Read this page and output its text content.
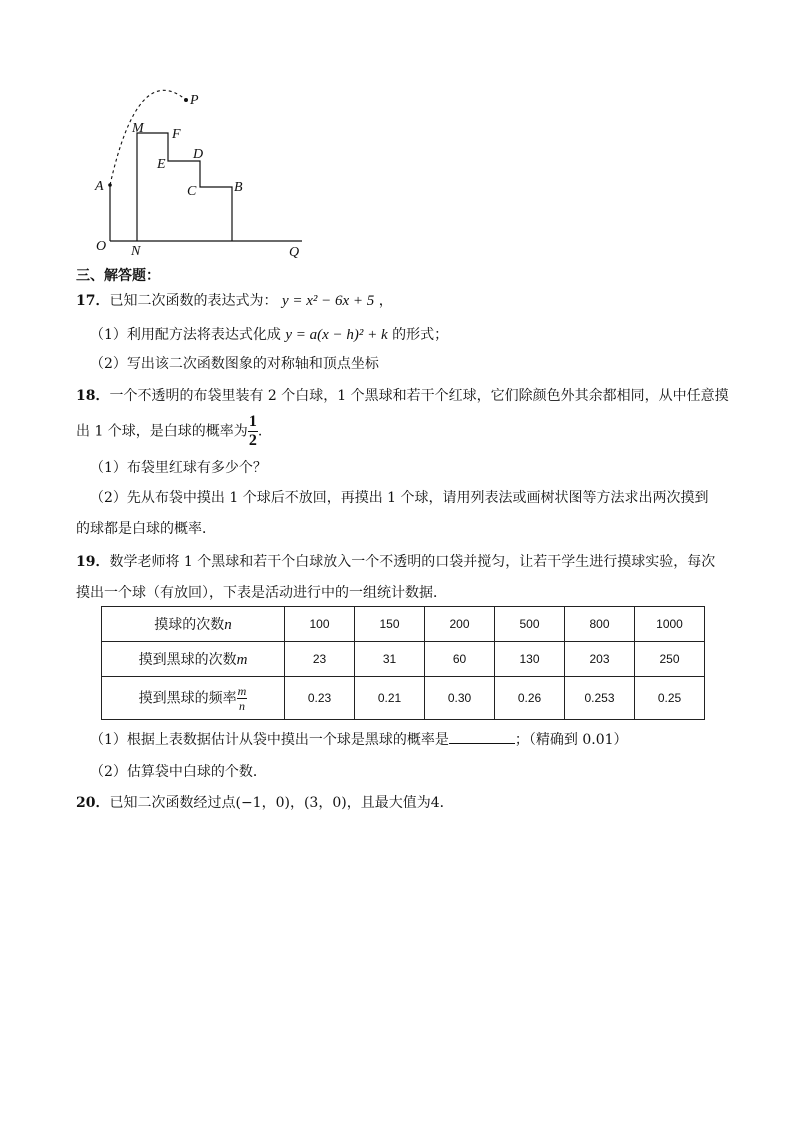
P
M F
D
E
C	B
A
O N	Q
三、解答题：
17．已知二次函数的表达式为： y = x² − 6x + 5 ，
（1）利用配方法将表达式化成 y = a(x − h)² + k 的形式；
（2）写出该二次函数图象的对称轴和顶点坐标
18．一个不透明的布袋里装有 2 个白球，1 个黑球和若干个红球，它们除颜色外其余都相同，从中任意摸
出 1 个球，是白球的概率为 $\frac{1}{2}$ .
（1）布袋里红球有多少个？
（2）先从布袋中摸出 1 个球后不放回，再摸出 1 个球，请用列表法或画树状图等方法求出两次摸到
的球都是白球的概率．
19．数学老师将 1 个黑球和若干个白球放入一个不透明的口袋并搅匀，让若干学生进行摸球实验，每次
摸出一个球（有放回），下表是活动进行中的一组统计数据．
摸球的次数n	100	150	200	500	800	1000
摸到黑球的次数m	23	31	60	130	203	250
摸到黑球的频率 $\frac{m}{n}$	0.23	0.21	0.30	0.26	0.253	0.25
（1）根据上表数据估计从袋中摸出一个球是黑球的概率是	；（精确到 0.01）
（2）估算袋中白球的个数．
20．已知二次函数经过点(−1，0)，(3，0)，且最大值为4．
